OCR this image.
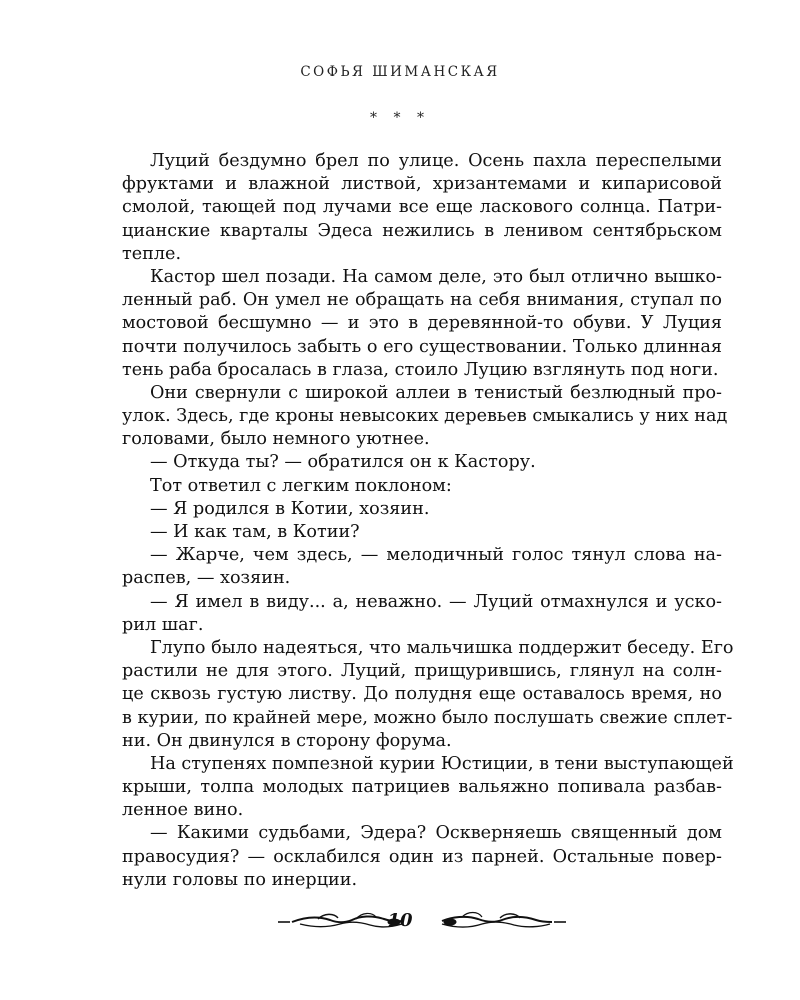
СОФЬЯ ШИМАНСКАЯ
* * *
Луций бездумно брел по улице. Осень пахла переспелыми
фруктами и влажной листвой, хризантемами и кипарисовой
смолой, тающей под лучами все еще ласкового солнца. Патри-
цианские кварталы Эдеса нежились в ленивом сентябрьском
тепле.
Кастор шел позади. На самом деле, это был отлично вышко-
ленный раб. Он умел не обращать на себя внимания, ступал по
мостовой бесшумно — и это в деревянной-то обуви. У Луция
почти получилось забыть о его существовании. Только длинная
тень раба бросалась в глаза, стоило Луцию взглянуть под ноги.
Они свернули с широкой аллеи в тенистый безлюдный про-
улок. Здесь, где кроны невысоких деревьев смыкались у них над
головами, было немного уютнее.
— Откуда ты? — обратился он к Кастору.
Тот ответил с легким поклоном:
— Я родился в Котии, хозяин.
— И как там, в Котии?
— Жарче, чем здесь, — мелодичный голос тянул слова на-
распев, — хозяин.
— Я имел в виду... а, неважно. — Луций отмахнулся и уско-
рил шаг.
Глупо было надеяться, что мальчишка поддержит беседу. Его
растили не для этого. Луций, прищурившись, глянул на солн-
це сквозь густую листву. До полудня еще оставалось время, но
в курии, по крайней мере, можно было послушать свежие сплет-
ни. Он двинулся в сторону форума.
На ступенях помпезной курии Юстиции, в тени выступающей
крыши, толпа молодых патрициев вальяжно попивала разбав-
ленное вино.
— Какими судьбами, Эдера? Оскверняешь священный дом
правосудия? — осклабился один из парней. Остальные повер-
нули головы по инерции.
10
